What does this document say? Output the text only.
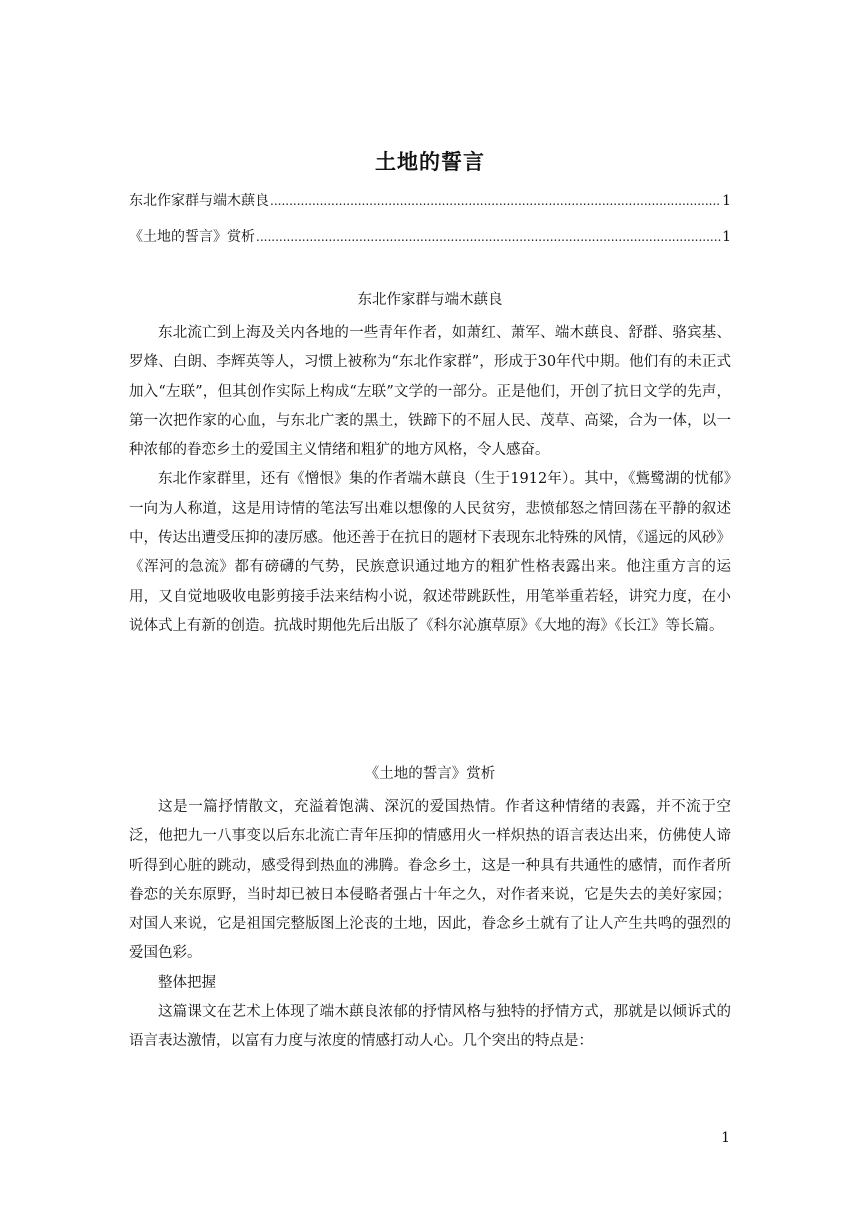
土地的誓言
东北作家群与端木蕻良 .....	1
《土地的誓言》赏析 .....	1
东北作家群与端木蕻良

东北流亡到上海及关内各地的一些青年作者，如萧红、萧军、端木蕻良、舒群、骆宾基、罗烽、白朗、李辉英等人，习惯上被称为“东北作家群”，形成于30年代中期。他们有的未正式加入“左联”，但其创作实际上构成“左联”文学的一部分。正是他们，开创了抗日文学的先声，第一次把作家的心血，与东北广袤的黑土，铁蹄下的不屈人民、茂草、高粱，合为一体，以一种浓郁的眷恋乡土的爱国主义情绪和粗犷的地方风格，令人感奋。

东北作家群里，还有《憎恨》集的作者端木蕻良（生于1912年）。其中，《鴜鹭湖的忧郁》一向为人称道，这是用诗情的笔法写出难以想像的人民贫穷，悲愤郁怒之情回荡在平静的叙述中，传达出遭受压抑的凄厉感。他还善于在抗日的题材下表现东北特殊的风情，《遥远的风砂》《浑河的急流》都有磅礴的气势，民族意识通过地方的粗犷性格表露出来。他注重方言的运用，又自觉地吸收电影剪接手法来结构小说，叙述带跳跃性，用笔举重若轻，讲究力度，在小说体式上有新的创造。抗战时期他先后出版了《科尔沁旗草原》《大地的海》《长江》等长篇。

《土地的誓言》赏析

这是一篇抒情散文，充溢着饱满、深沉的爱国热情。作者这种情绪的表露，并不流于空泛，他把九一八事变以后东北流亡青年压抑的情感用火一样炽热的语言表达出来，仿佛使人谛听得到心脏的跳动，感受得到热血的沸腾。眷念乡土，这是一种具有共通性的感情，而作者所眷恋的关东原野，当时却已被日本侵略者强占十年之久，对作者来说，它是失去的美好家园；对国人来说，它是祖国完整版图上沦丧的土地，因此，眷念乡土就有了让人产生共鸣的强烈的爱国色彩。

整体把握

这篇课文在艺术上体现了端木蕻良浓郁的抒情风格与独特的抒情方式，那就是以倾诉式的语言表达激情，以富有力度与浓度的情感打动人心。几个突出的特点是：

1
